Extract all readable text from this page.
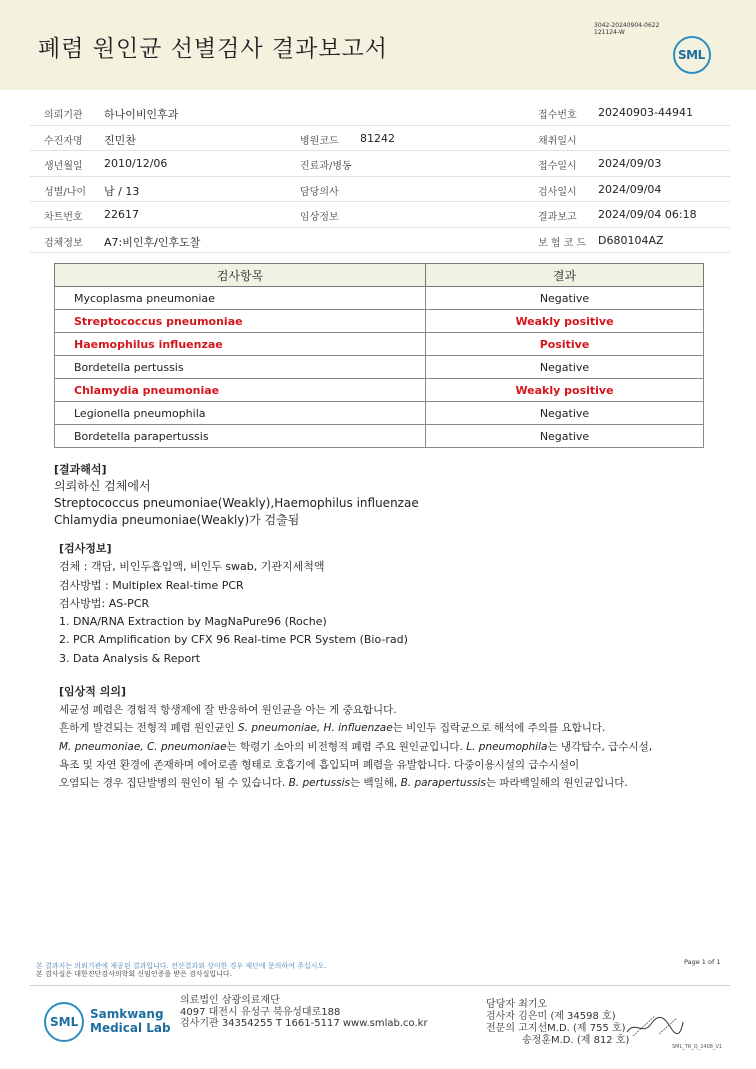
폐렴 원인균 선별검사 결과보고서
3042-20240904-0622
121124-W
SML
의뢰기관 하나이비인후과	접수번호 20240903-44941
수진자명 진민찬	병원코드 81242	채취일시
생년월일 2010/12/06	진료과/병동	접수일시 2024/09/03
성별/나이 남 / 13	담당의사	검사일시 2024/09/04
차트번호 22617	임상정보	결과보고 2024/09/04 06:18
검체정보 A7:비인후/인후도찰	보 험 코 드 D680104AZ
검사항목	결과
Mycoplasma pneumoniae	Negative
Streptococcus pneumoniae	Weakly positive
Haemophilus influenzae	Positive
Bordetella pertussis	Negative
Chlamydia pneumoniae	Weakly positive
Legionella pneumophila	Negative
Bordetella parapertussis	Negative
[결과해석]
의뢰하신 검체에서
Streptococcus pneumoniae(Weakly),Haemophilus influenzae
Chlamydia pneumoniae(Weakly)가 검출됨
[검사정보]
검체 : 객담, 비인두흡입액, 비인두 swab, 기관지세척액
검사방법 : Multiplex Real-time PCR
검사방법: AS-PCR
1. DNA/RNA Extraction by MagNaPure96 (Roche)
2. PCR Amplification by CFX 96 Real-time PCR System (Bio-rad)
3. Data Analysis & Report
[임상적 의의]
세균성 폐렴은 경험적 항생제에 잘 반응하여 원인균을 아는 게 중요합니다.
흔하게 발견되는 전형적 폐렴 원인균인 S. pneumoniae, H. influenzae는 비인두 집락균으로 해석에 주의를 요합니다.
M. pneumoniae, C. pneumoniae는 학령기 소아의 비전형적 폐렴 주요 원인균입니다. L. pneumophila는 냉각탑수, 급수시설,
욕조 및 자연 환경에 존재하며 에어로졸 형태로 호흡기에 흡입되며 폐렴을 유발합니다. 다중이용시설의 급수시설이
오염되는 경우 집단발병의 원인이 될 수 있습니다. B. pertussis는 백일해, B. parapertussis는 파라백일해의 원인균입니다.
본 결과지는 의뢰기관에 제공된 결과입니다. 전산결과와 상이한 경우 재단에 문의하여 주십시오.
본 검사실은 대한진단검사의학회 신임인증을 받은 검사실입니다.
Page 1 of 1
SML
Samkwang
Medical Lab
의료법인 삼광의료재단
4097 대전시 유성구 북유성대로188
검사기관 34354255 T 1661-5117 www.smlab.co.kr
담당자 최기오
검사자 김은미 (제 34598 호)
전문의 고지선M.D. (제 755 호)
송정훈M.D. (제 812 호)
SML_TR_Q_2408_V1
